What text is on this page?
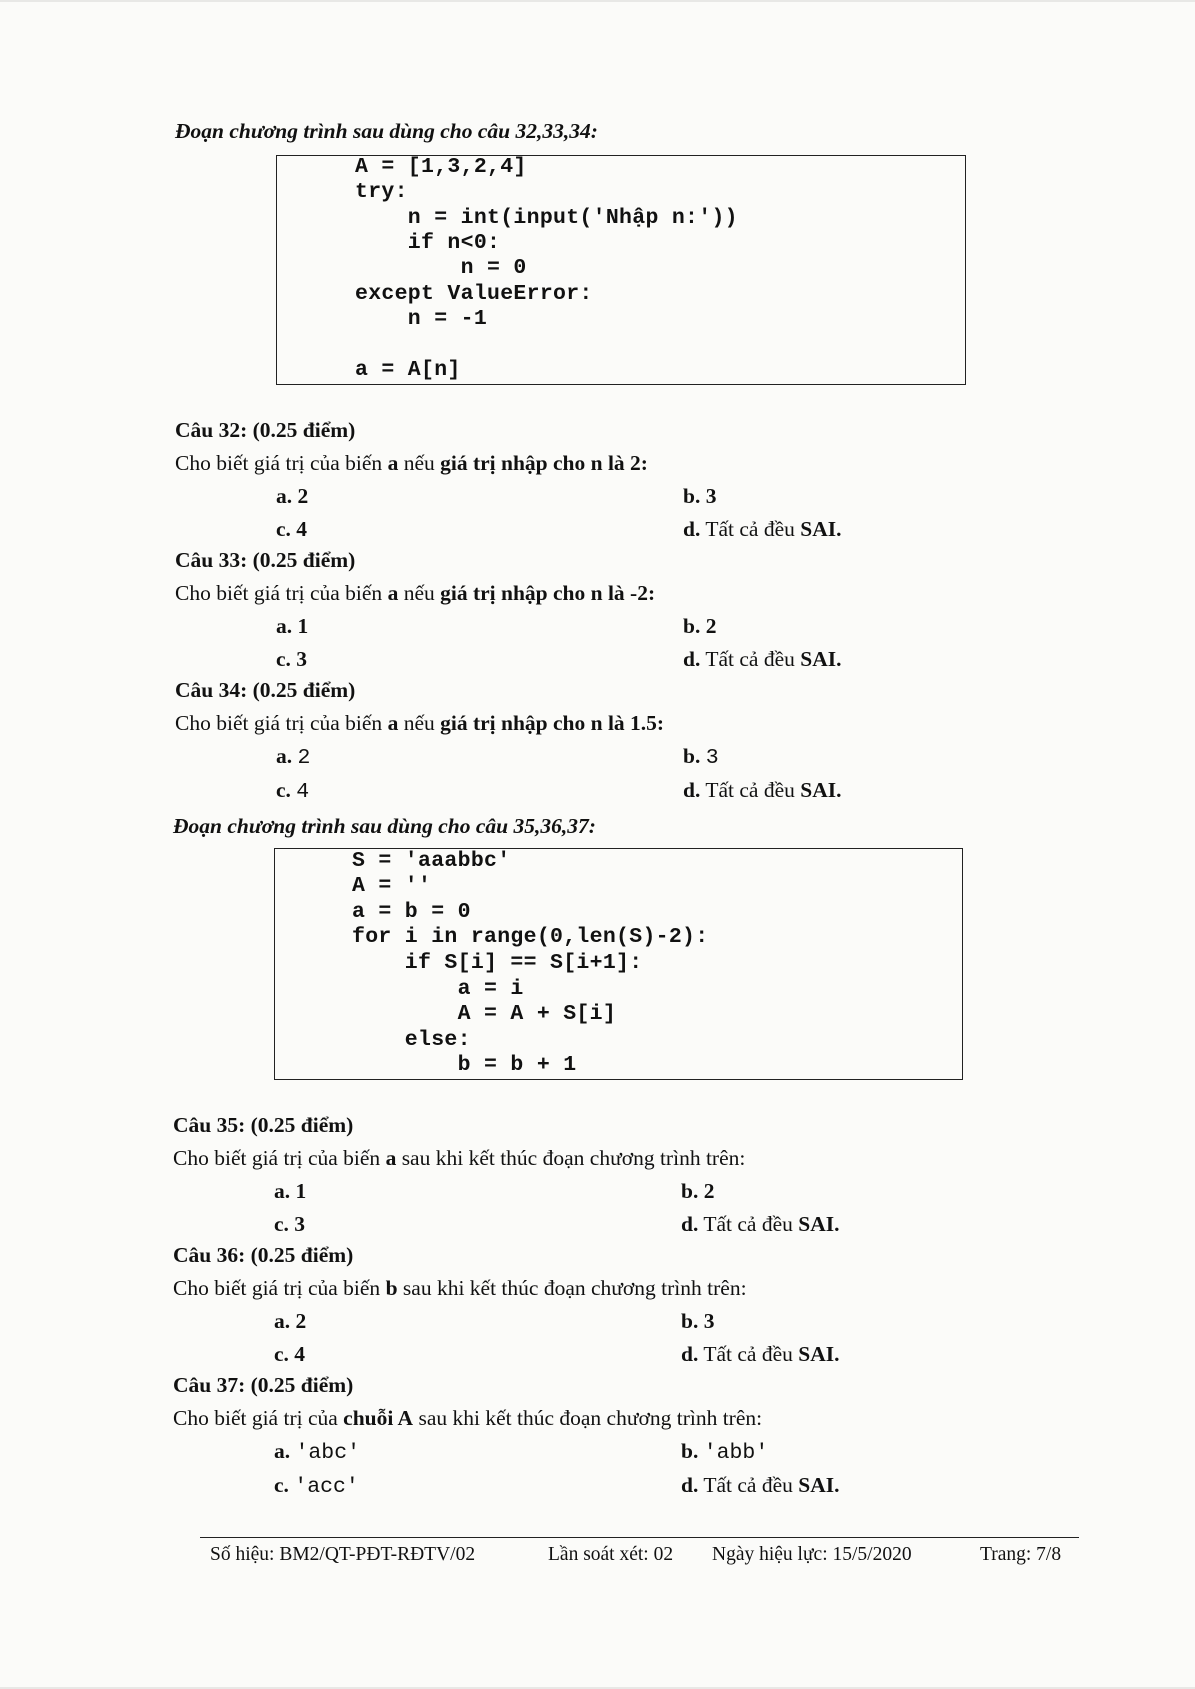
Đoạn chương trình sau dùng cho câu 32,33,34:
A = [1,3,2,4]
try:
n = int(input('Nhập n:'))
if n<0:
n = 0
except ValueError:
n = -1
a = A[n]
Câu 32: (0.25 điểm)
Cho biết giá trị của biến a nếu giá trị nhập cho n là 2:
a. 2	b. 3
c. 4	d. Tất cả đều SAI.
Câu 33: (0.25 điểm)
Cho biết giá trị của biến a nếu giá trị nhập cho n là -2:
a. 1	b. 2
c. 3	d. Tất cả đều SAI.
Câu 34: (0.25 điểm)
Cho biết giá trị của biến a nếu giá trị nhập cho n là 1.5:
a. 2	b. 3
c. 4	d. Tất cả đều SAI.
Đoạn chương trình sau dùng cho câu 35,36,37:
S = 'aaabbc'
A = ''
a = b = 0
for i in range(0,len(S)-2):
if S[i] == S[i+1]:
a = i
A = A + S[i]
else:
b = b + 1
Câu 35: (0.25 điểm)
Cho biết giá trị của biến a sau khi kết thúc đoạn chương trình trên:
a. 1	b. 2
c. 3	d. Tất cả đều SAI.
Câu 36: (0.25 điểm)
Cho biết giá trị của biến b sau khi kết thúc đoạn chương trình trên:
a. 2	b. 3
c. 4	d. Tất cả đều SAI.
Câu 37: (0.25 điểm)
Cho biết giá trị của chuỗi A sau khi kết thúc đoạn chương trình trên:
a. 'abc'	b. 'abb'
c. 'acc'	d. Tất cả đều SAI.
Số hiệu: BM2/QT-PĐT-RĐTV/02	Lần soát xét: 02 Ngày hiệu lực: 15/5/2020	Trang: 7/8
